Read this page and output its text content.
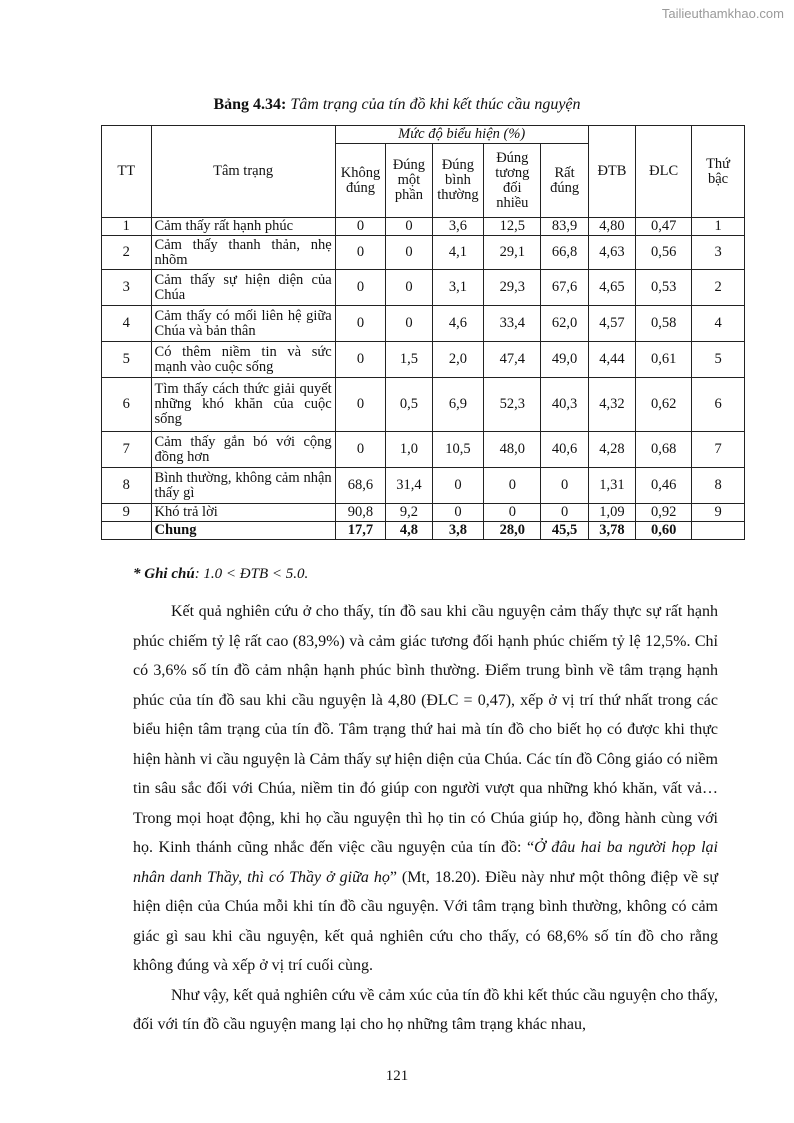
Tailieuthamkhao.com
Bảng 4.34: Tâm trạng của tín đồ khi kết thúc cầu nguyện
TT	Tâm trạng	Mức độ biểu hiện (%)					ĐTB	ĐLC	Thứ bậc
		Không đúng	Đúng một phần	Đúng bình thường	Đúng tương đối nhiều	Rất đúng			
1	Cảm thấy rất hạnh phúc	0	0	3,6	12,5	83,9	4,80	0,47	1
2	Cảm thấy thanh thản, nhẹ nhõm	0	0	4,1	29,1	66,8	4,63	0,56	3
3	Cảm thấy sự hiện diện của Chúa	0	0	3,1	29,3	67,6	4,65	0,53	2
4	Cảm thấy có mối liên hệ giữa Chúa và bản thân	0	0	4,6	33,4	62,0	4,57	0,58	4
5	Có thêm niềm tin và sức mạnh vào cuộc sống	0	1,5	2,0	47,4	49,0	4,44	0,61	5
6	Tìm thấy cách thức giải quyết những khó khăn của cuộc sống	0	0,5	6,9	52,3	40,3	4,32	0,62	6
7	Cảm thấy gắn bó với cộng đồng hơn	0	1,0	10,5	48,0	40,6	4,28	0,68	7
8	Bình thường, không cảm nhận thấy gì	68,6	31,4	0	0	0	1,31	0,46	8
9	Khó trả lời	90,8	9,2	0	0	0	1,09	0,92	9
	Chung	17,7	4,8	3,8	28,0	45,5	3,78	0,60	
* Ghi chú: 1.0 < ĐTB < 5.0.

Kết quả nghiên cứu ở cho thấy, tín đồ sau khi cầu nguyện cảm thấy thực sự rất hạnh phúc chiếm tỷ lệ rất cao (83,9%) và cảm giác tương đối hạnh phúc chiếm tỷ lệ 12,5%. Chỉ có 3,6% số tín đồ cảm nhận hạnh phúc bình thường. Điểm trung bình về tâm trạng hạnh phúc của tín đồ sau khi cầu nguyện là 4,80 (ĐLC = 0,47), xếp ở vị trí thứ nhất trong các biểu hiện tâm trạng của tín đồ. Tâm trạng thứ hai mà tín đồ cho biết họ có được khi thực hiện hành vi cầu nguyện là Cảm thấy sự hiện diện của Chúa. Các tín đồ Công giáo có niềm tin sâu sắc đối với Chúa, niềm tin đó giúp con người vượt qua những khó khăn, vất vả… Trong mọi hoạt động, khi họ cầu nguyện thì họ tin có Chúa giúp họ, đồng hành cùng với họ. Kinh thánh cũng nhắc đến việc cầu nguyện của tín đồ: “Ở đâu hai ba người họp lại nhân danh Thầy, thì có Thầy ở giữa họ” (Mt, 18.20). Điều này như một thông điệp về sự hiện diện của Chúa mỗi khi tín đồ cầu nguyện. Với tâm trạng bình thường, không có cảm giác gì sau khi cầu nguyện, kết quả nghiên cứu cho thấy, có 68,6% số tín đồ cho rằng không đúng và xếp ở vị trí cuối cùng.

Như vậy, kết quả nghiên cứu về cảm xúc của tín đồ khi kết thúc cầu nguyện cho thấy, đối với tín đồ cầu nguyện mang lại cho họ những tâm trạng khác nhau,

121
